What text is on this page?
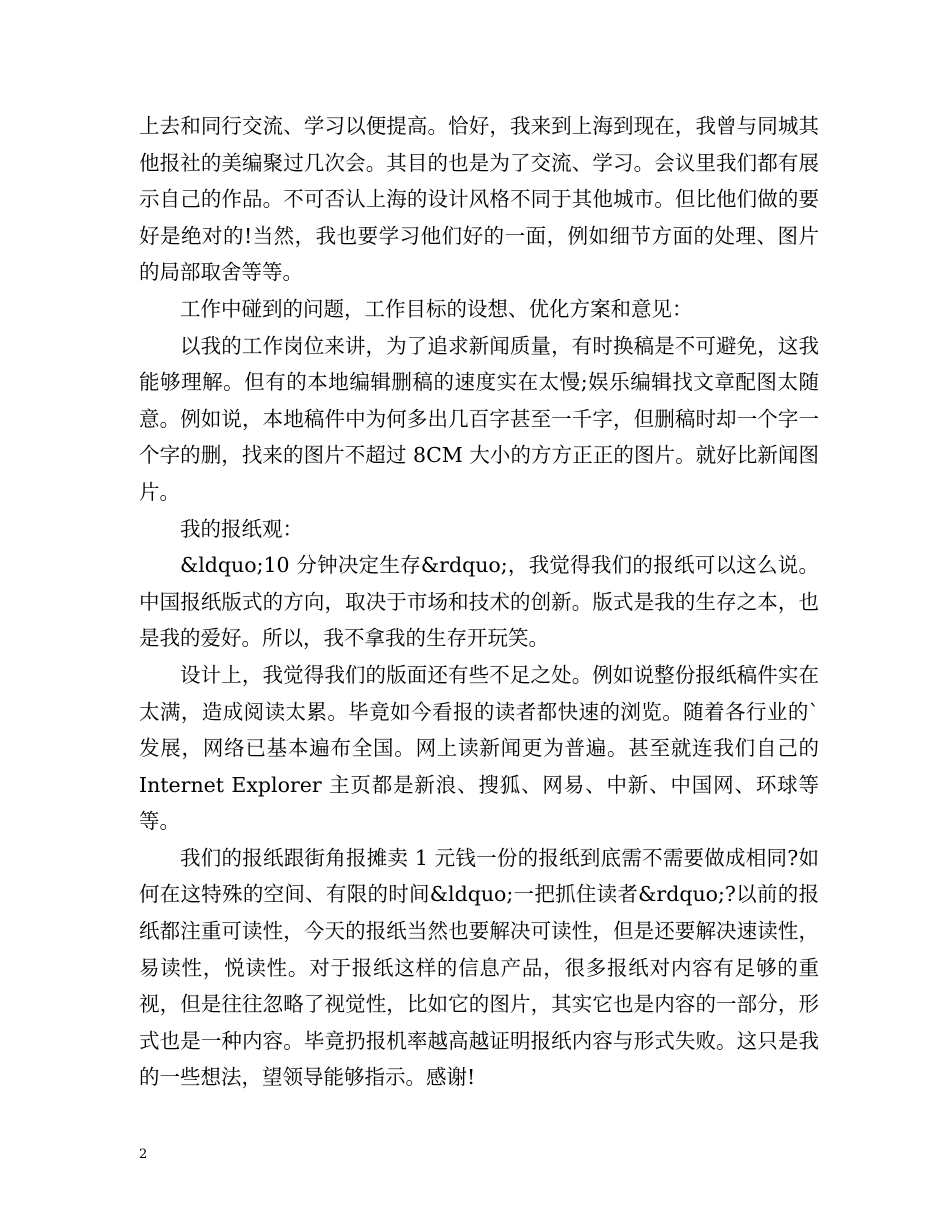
上去和同行交流、学习以便提高。恰好，我来到上海到现在，我曾与同城其他报社的美编聚过几次会。其目的也是为了交流、学习。会议里我们都有展示自己的作品。不可否认上海的设计风格不同于其他城市。但比他们做的要好是绝对的!当然，我也要学习他们好的一面，例如细节方面的处理、图片的局部取舍等等。

工作中碰到的问题，工作目标的设想、优化方案和意见：

以我的工作岗位来讲，为了追求新闻质量，有时换稿是不可避免，这我能够理解。但有的本地编辑删稿的速度实在太慢;娱乐编辑找文章配图太随意。例如说，本地稿件中为何多出几百字甚至一千字，但删稿时却一个字一个字的删，找来的图片不超过 8CM 大小的方方正正的图片。就好比新闻图片。

我的报纸观：

&ldquo;10 分钟决定生存&rdquo;，我觉得我们的报纸可以这么说。中国报纸版式的方向，取决于市场和技术的创新。版式是我的生存之本，也是我的爱好。所以，我不拿我的生存开玩笑。

设计上，我觉得我们的版面还有些不足之处。例如说整份报纸稿件实在太满，造成阅读太累。毕竟如今看报的读者都快速的浏览。随着各行业的`发展，网络已基本遍布全国。网上读新闻更为普遍。甚至就连我们自己的 Internet Explorer 主页都是新浪、搜狐、网易、中新、中国网、环球等等。

我们的报纸跟街角报摊卖 1 元钱一份的报纸到底需不需要做成相同?如何在这特殊的空间、有限的时间&ldquo;一把抓住读者&rdquo;?以前的报纸都注重可读性，今天的报纸当然也要解决可读性，但是还要解决速读性，易读性，悦读性。对于报纸这样的信息产品，很多报纸对内容有足够的重视，但是往往忽略了视觉性，比如它的图片，其实它也是内容的一部分，形式也是一种内容。毕竟扔报机率越高越证明报纸内容与形式失败。这只是我的一些想法，望领导能够指示。感谢!

2
